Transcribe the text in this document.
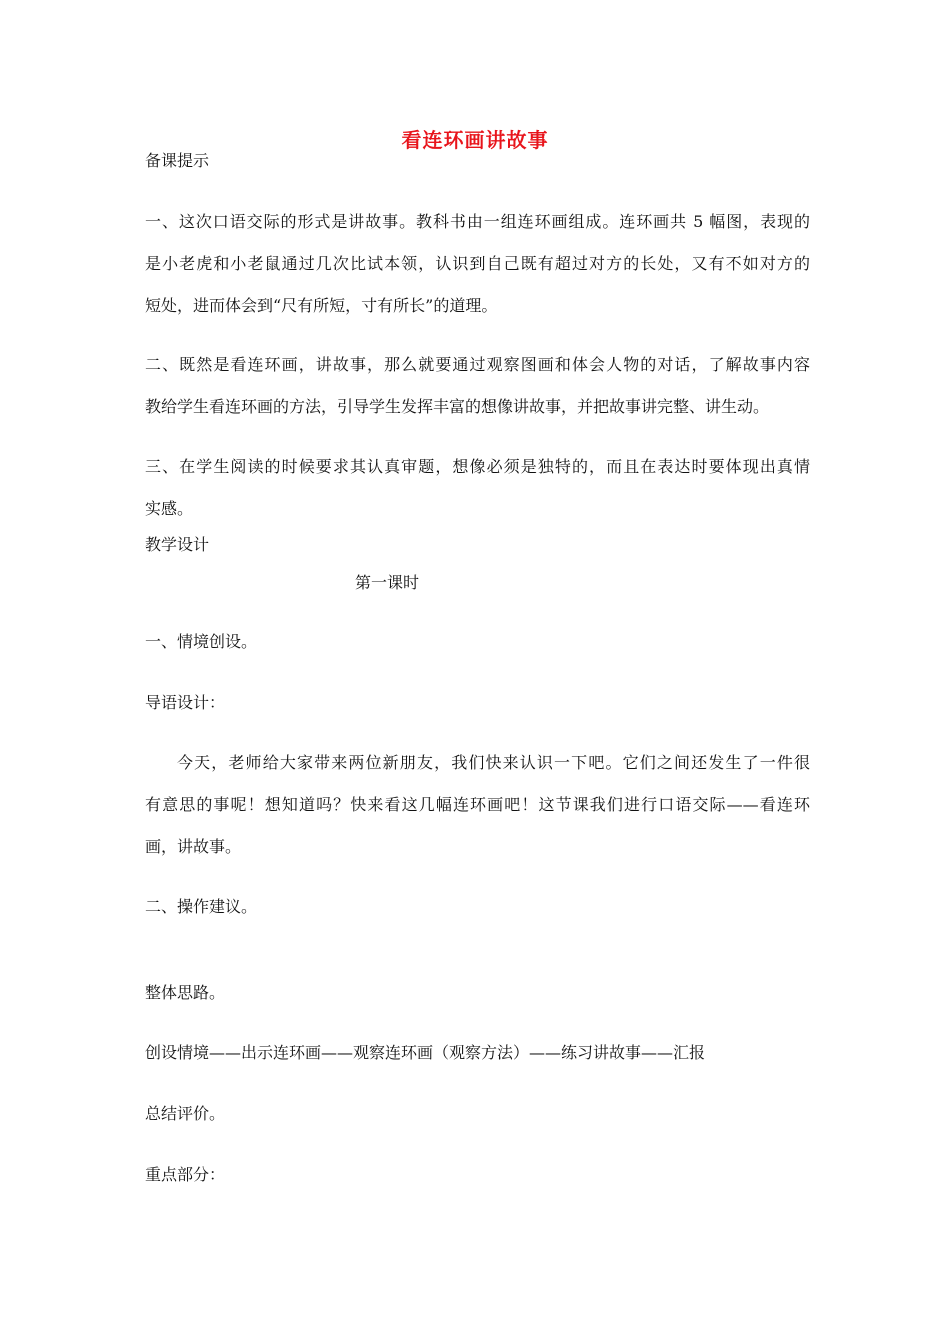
看连环画讲故事
备课提示
一、这次口语交际的形式是讲故事。教科书由一组连环画组成。连环画共 5 幅图，表现的
是小老虎和小老鼠通过几次比试本领，认识到自己既有超过对方的长处，又有不如对方的
短处，进而体会到“尺有所短，寸有所长”的道理。
二、既然是看连环画，讲故事，那么就要通过观察图画和体会人物的对话，了解故事内容
教给学生看连环画的方法，引导学生发挥丰富的想像讲故事，并把故事讲完整、讲生动。
三、在学生阅读的时候要求其认真审题，想像必须是独特的，而且在表达时要体现出真情
实感。
教学设计
第一课时
一、情境创设。
导语设计：
今天，老师给大家带来两位新朋友，我们快来认识一下吧。它们之间还发生了一件很
有意思的事呢！想知道吗？快来看这几幅连环画吧！这节课我们进行口语交际——看连环
画，讲故事。
二、操作建议。
整体思路。
创设情境——出示连环画——观察连环画（观察方法）——练习讲故事——汇报
总结评价。
重点部分：
